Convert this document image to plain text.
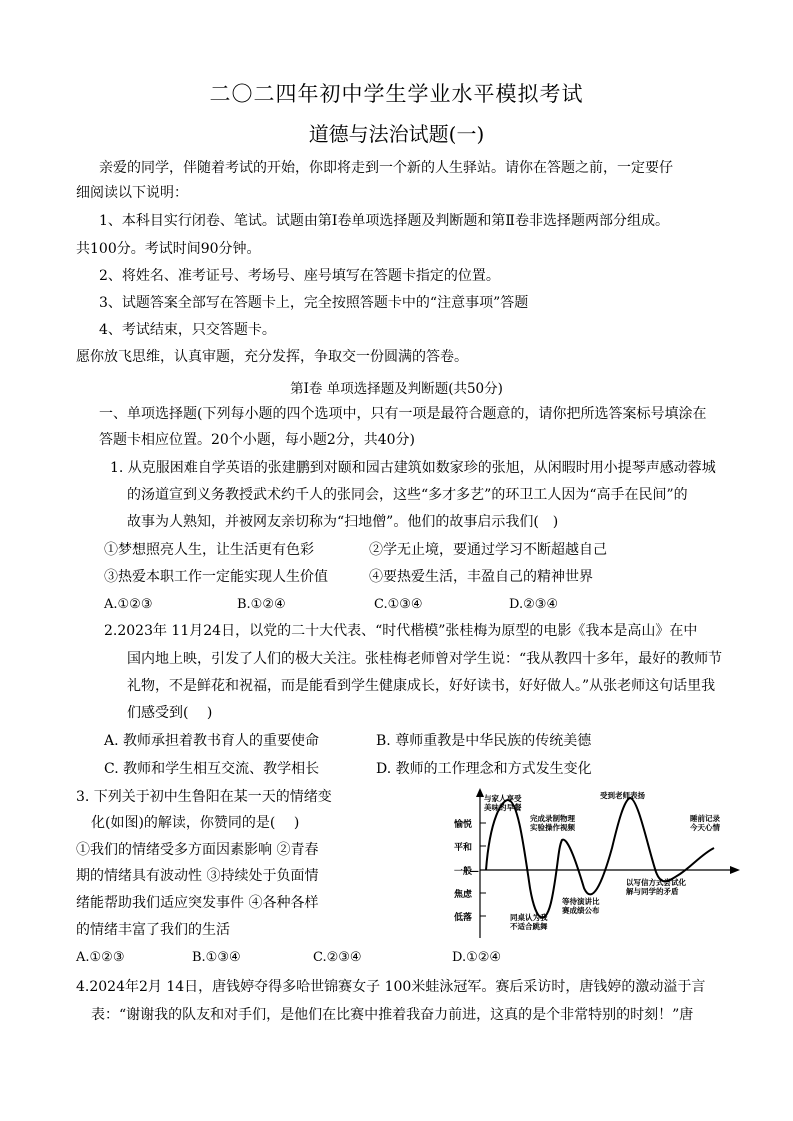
二〇二四年初中学生学业水平模拟考试
道德与法治试题(一)
亲爱的同学，伴随着考试的开始，你即将走到一个新的人生驿站。请你在答题之前，一定要仔
细阅读以下说明：
1、本科目实行闭卷、笔试。试题由第Ⅰ卷单项选择题及判断题和第Ⅱ卷非选择题两部分组成。
共100分。考试时间90分钟。
2、将姓名、准考证号、考场号、座号填写在答题卡指定的位置。
3、试题答案全部写在答题卡上，完全按照答题卡中的“注意事项”答题
4、考试结束，只交答题卡。
愿你放飞思维，认真审题，充分发挥，争取交一份圆满的答卷。
第Ⅰ卷 单项选择题及判断题(共50分)
一、单项选择题(下列每小题的四个选项中，只有一项是最符合题意的，请你把所选答案标号填涂在
答题卡相应位置。20个小题，每小题2分，共40分)
1. 从克服困难自学英语的张建鹏到对颐和园古建筑如数家珍的张旭，从闲暇时用小提琴声感动蓉城
的汤道宣到义务教授武术约千人的张同会，这些“多才多艺”的环卫工人因为“高手在民间”的
故事为人熟知，并被网友亲切称为“扫地僧”。他们的故事启示我们(　)
①梦想照亮人生，让生活更有色彩	②学无止境，要通过学习不断超越自己
③热爱本职工作一定能实现人生价值	④要热爱生活，丰盈自己的精神世界
A.①②③	B.①②④	C.①③④	D.②③④
2.2023年 11月24日，以党的二十大代表、“时代楷模”张桂梅为原型的电影《我本是高山》在中
国内地上映，引发了人们的极大关注。张桂梅老师曾对学生说：“我从教四十多年，最好的教师节
礼物，不是鲜花和祝福，而是能看到学生健康成长，好好读书，好好做人。”从张老师这句话里我
们感受到(　 )
A. 教师承担着教书育人的重要使命	B. 尊师重教是中华民族的传统美德
C. 教师和学生相互交流、教学相长	D. 教师的工作理念和方式发生变化
3. 下列关于初中生鲁阳在某一天的情绪变
化(如图)的解读，你赞同的是(　 )
①我们的情绪受多方面因素影响 ②青春
期的情绪具有波动性 ③持续处于负面情
绪能帮助我们适应突发事件 ④各种各样
的情绪丰富了我们的生活
A.①②③	B.①③④	C.②③④	D.①②④
愉悦
平和
一般
—
焦虑
低落
与家人享受
美味的早餐
完成录制物理
实验操作视频
受到老师表扬
睡前记录
今天心情
以写信方式尝试化
解与同学的矛盾
等待演讲比
赛成绩公布
同桌认为我
不适合跳舞
4.2024年2月 14日，唐钱婷夺得多哈世锦赛女子 100米蛙泳冠军。赛后采访时，唐钱婷的激动溢于言
表：“谢谢我的队友和对手们，是他们在比赛中推着我奋力前进，这真的是个非常特别的时刻！”唐
